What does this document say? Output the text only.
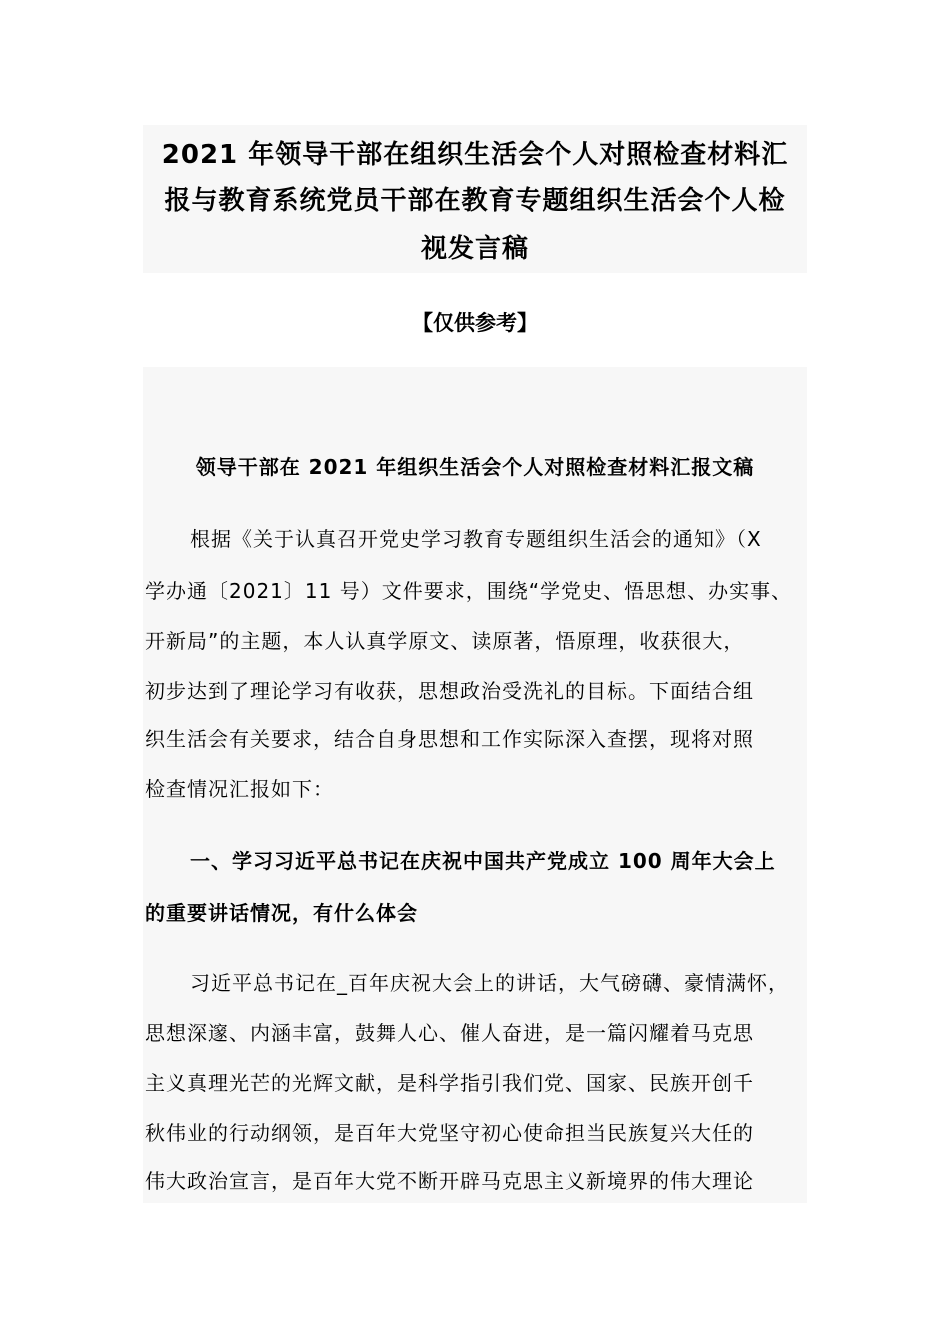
2021 年领导干部在组织生活会个人对照检查材料汇
报与教育系统党员干部在教育专题组织生活会个人检
视发言稿
【仅供参考】
领导干部在 2021 年组织生活会个人对照检查材料汇报文稿
根据《关于认真召开党史学习教育专题组织生活会的通知》（X
学办通〔2021〕11 号）文件要求，围绕“学党史、悟思想、办实事、
开新局”的主题，本人认真学原文、读原著，悟原理，收获很大，
初步达到了理论学习有收获，思想政治受洗礼的目标。下面结合组
织生活会有关要求，结合自身思想和工作实际深入查摆，现将对照
检查情况汇报如下：
一、学习习近平总书记在庆祝中国共产党成立 100 周年大会上
的重要讲话情况，有什么体会
习近平总书记在_百年庆祝大会上的讲话，大气磅礴、豪情满怀，
思想深邃、内涵丰富，鼓舞人心、催人奋进，是一篇闪耀着马克思
主义真理光芒的光辉文献，是科学指引我们党、国家、民族开创千
秋伟业的行动纲领，是百年大党坚守初心使命担当民族复兴大任的
伟大政治宣言，是百年大党不断开辟马克思主义新境界的伟大理论
